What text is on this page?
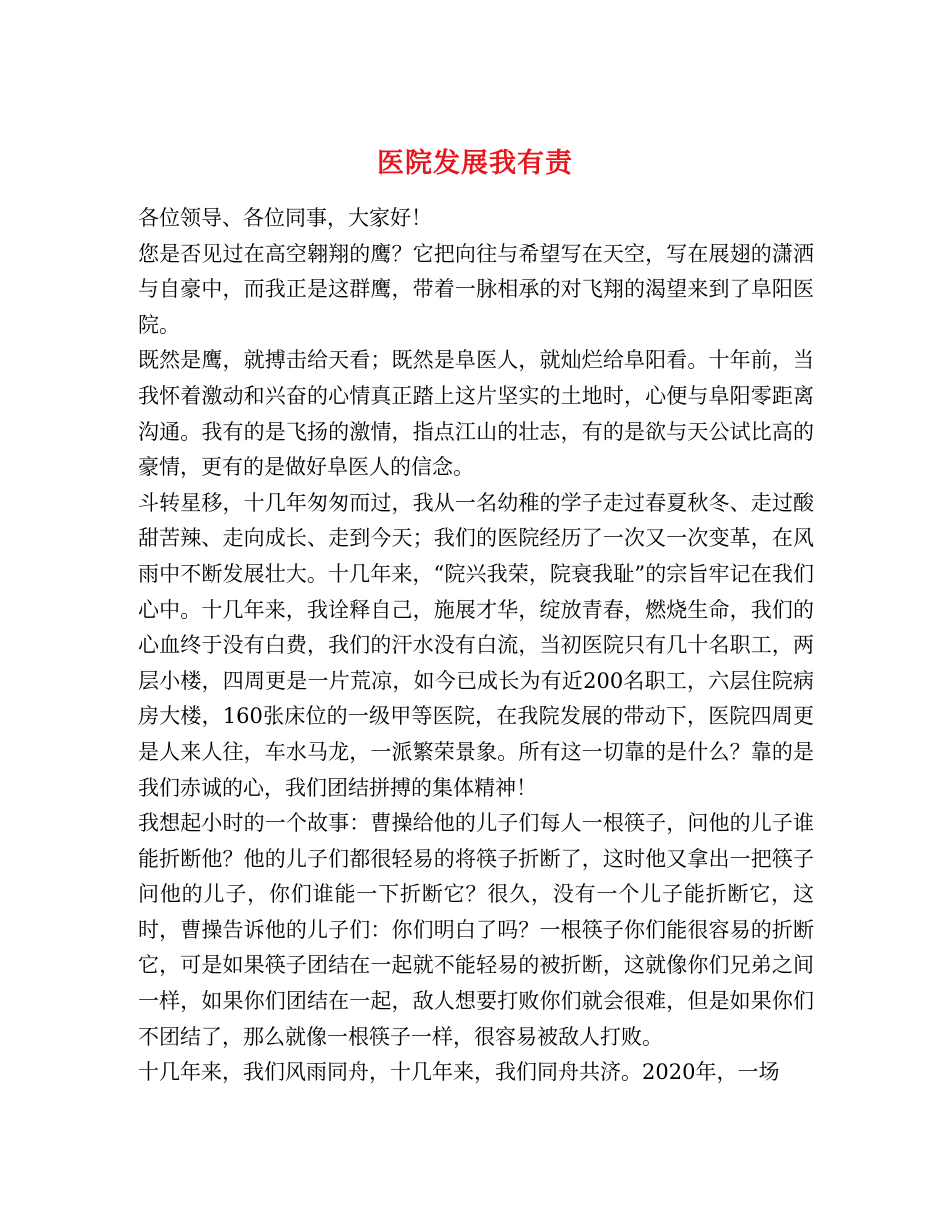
医院发展我有责

各位领导、各位同事，大家好！

您是否见过在高空翱翔的鹰？它把向往与希望写在天空，写在展翅的潇洒与自豪中，而我正是这群鹰，带着一脉相承的对飞翔的渴望来到了阜阳医院。

既然是鹰，就搏击给天看；既然是阜医人，就灿烂给阜阳看。十年前，当我怀着激动和兴奋的心情真正踏上这片坚实的土地时，心便与阜阳零距离沟通。我有的是飞扬的激情，指点江山的壮志，有的是欲与天公试比高的豪情，更有的是做好阜医人的信念。

斗转星移，十几年匆匆而过，我从一名幼稚的学子走过春夏秋冬、走过酸甜苦辣、走向成长、走到今天；我们的医院经历了一次又一次变革，在风雨中不断发展壮大。十几年来，“院兴我荣，院衰我耻”的宗旨牢记在我们心中。十几年来，我诠释自己，施展才华，绽放青春，燃烧生命，我们的心血终于没有白费，我们的汗水没有白流，当初医院只有几十名职工，两层小楼，四周更是一片荒凉，如今已成长为有近200名职工，六层住院病房大楼，160张床位的一级甲等医院，在我院发展的带动下，医院四周更是人来人往，车水马龙，一派繁荣景象。所有这一切靠的是什么？靠的是我们赤诚的心，我们团结拼搏的集体精神！

我想起小时的一个故事：曹操给他的儿子们每人一根筷子，问他的儿子谁能折断他？他的儿子们都很轻易的将筷子折断了，这时他又拿出一把筷子问他的儿子，你们谁能一下折断它？很久，没有一个儿子能折断它，这时，曹操告诉他的儿子们：你们明白了吗？一根筷子你们能很容易的折断它，可是如果筷子团结在一起就不能轻易的被折断，这就像你们兄弟之间一样，如果你们团结在一起，敌人想要打败你们就会很难，但是如果你们不团结了，那么就像一根筷子一样，很容易被敌人打败。

十几年来，我们风雨同舟，十几年来，我们同舟共济。2020年，一场
